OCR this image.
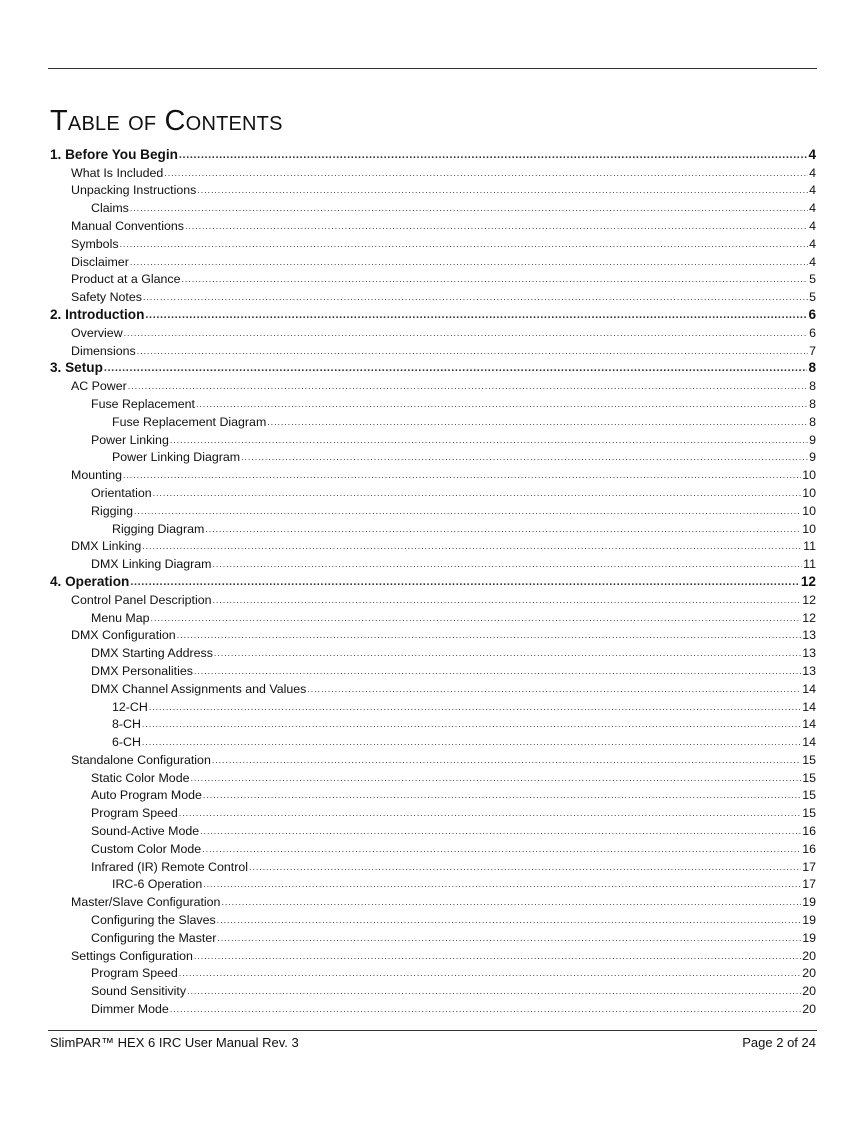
Table of Contents
1. Before You Begin .....	4
What Is Included .....	4
Unpacking Instructions .....	4
Claims .....	4
Manual Conventions .....	4
Symbols .....	4
Disclaimer .....	4
Product at a Glance .....	5
Safety Notes .....	5
2. Introduction .....	6
Overview .....	6
Dimensions .....	7
3. Setup .....	8
AC Power .....	8
Fuse Replacement .....	8
Fuse Replacement Diagram .....	8
Power Linking .....	9
Power Linking Diagram .....	9
Mounting .....	10
Orientation .....	10
Rigging .....	10
Rigging Diagram .....	10
DMX Linking .....	11
DMX Linking Diagram .....	11
4. Operation .....	12
Control Panel Description .....	12
Menu Map .....	12
DMX Configuration .....	13
DMX Starting Address .....	13
DMX Personalities .....	13
DMX Channel Assignments and Values .....	14
12-CH .....	14
8-CH .....	14
6-CH .....	14
Standalone Configuration .....	15
Static Color Mode .....	15
Auto Program Mode .....	15
Program Speed .....	15
Sound-Active Mode .....	16
Custom Color Mode .....	16
Infrared (IR) Remote Control .....	17
IRC-6 Operation .....	17
Master/Slave Configuration .....	19
Configuring the Slaves .....	19
Configuring the Master .....	19
Settings Configuration .....	20
Program Speed .....	20
Sound Sensitivity .....	20
Dimmer Mode .....	20
SlimPAR™ HEX 6 IRC User Manual Rev. 3	Page 2 of 24
